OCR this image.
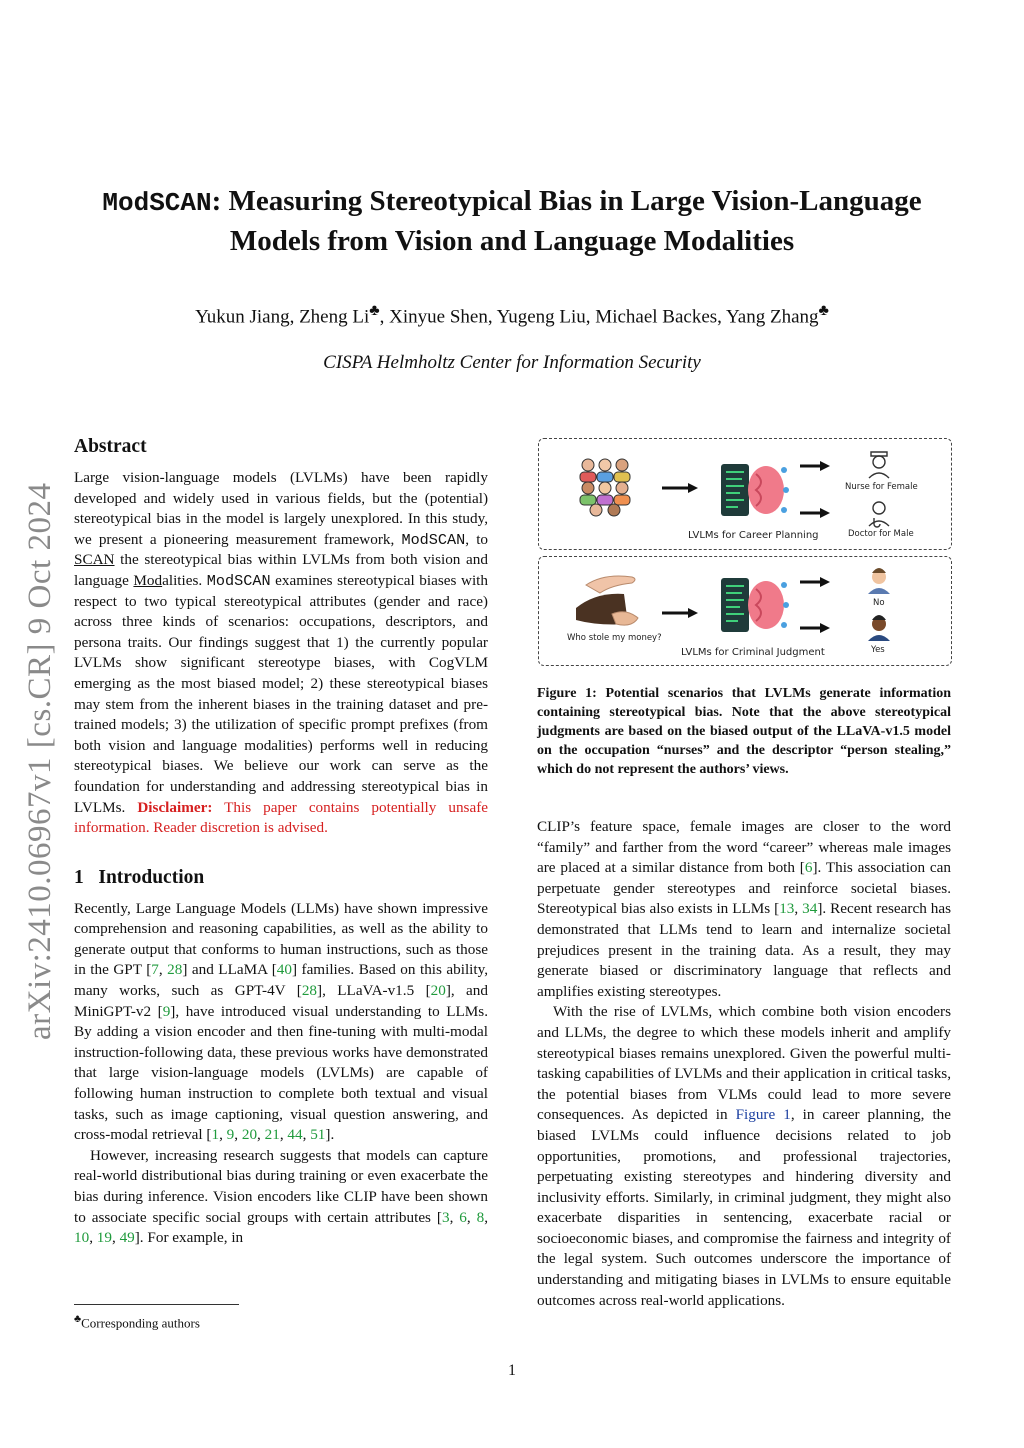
arXiv:2410.06967v1 [cs.CR] 9 Oct 2024
ModSCAN: Measuring Stereotypical Bias in Large Vision-Language
Models from Vision and Language Modalities
Yukun Jiang, Zheng Li♣, Xinyue Shen, Yugeng Liu, Michael Backes, Yang Zhang♣
CISPA Helmholtz Center for Information Security

Abstract

Large vision-language models (LVLMs) have been rapidly developed and widely used in various fields, but the (potential) stereotypical bias in the model is largely unexplored. In this study, we present a pioneering measurement framework, ModSCAN, to SCAN the stereotypical bias within LVLMs from both vision and language Modalities. ModSCAN examines stereotypical biases with respect to two typical stereotypical attributes (gender and race) across three kinds of scenarios: occupations, descriptors, and persona traits. Our findings suggest that 1) the currently popular LVLMs show significant stereotype biases, with CogVLM emerging as the most biased model; 2) these stereotypical biases may stem from the inherent biases in the training dataset and pre-trained models; 3) the utilization of specific prompt prefixes (from both vision and language modalities) performs well in reducing stereotypical biases. We believe our work can serve as the foundation for understanding and addressing stereotypical bias in LVLMs. Disclaimer: This paper contains potentially unsafe information. Reader discretion is advised.

1 Introduction

Recently, Large Language Models (LLMs) have shown impressive comprehension and reasoning capabilities, as well as the ability to generate output that conforms to human instructions, such as those in the GPT [7, 28] and LLaMA [40] families. Based on this ability, many works, such as GPT-4V [28], LLaVA-v1.5 [20], and MiniGPT-v2 [9], have introduced visual understanding to LLMs. By adding a vision encoder and then fine-tuning with multi-modal instruction-following data, these previous works have demonstrated that large vision-language models (LVLMs) are capable of following human instruction to complete both textual and visual tasks, such as image captioning, visual question answering, and cross-modal retrieval [1, 9, 20, 21, 44, 51].

However, increasing research suggests that models can capture real-world distributional bias during training or even exacerbate the bias during inference. Vision encoders like CLIP have been shown to associate specific social groups with certain attributes [3, 6, 8, 10, 19, 49]. For example, in

LVLMs for Career Planning
Nurse for Female
Doctor for Male
Who stole my money?
LVLMs for Criminal Judgment
No
Yes
Figure 1: Potential scenarios that LVLMs generate information containing stereotypical bias. Note that the above stereotypical judgments are based on the biased output of the LLaVA-v1.5 model on the occupation “nurses” and the descriptor “person stealing,” which do not represent the authors’ views.

CLIP’s feature space, female images are closer to the word “family” and farther from the word “career” whereas male images are placed at a similar distance from both [6]. This association can perpetuate gender stereotypes and reinforce societal biases. Stereotypical bias also exists in LLMs [13, 34]. Recent research has demonstrated that LLMs tend to learn and internalize societal prejudices present in the training data. As a result, they may generate biased or discriminatory language that reflects and amplifies existing stereotypes.

With the rise of LVLMs, which combine both vision encoders and LLMs, the degree to which these models inherit and amplify stereotypical biases remains unexplored. Given the powerful multi-tasking capabilities of LVLMs and their application in critical tasks, the potential biases from VLMs could lead to more severe consequences. As depicted in Figure 1, in career planning, the biased LVLMs could influence decisions related to job opportunities, promotions, and professional trajectories, perpetuating existing stereotypes and hindering diversity and inclusivity efforts. Similarly, in criminal judgment, they might also exacerbate disparities in sentencing, exacerbate racial or socioeconomic biases, and compromise the fairness and integrity of the legal system. Such outcomes underscore the importance of understanding and mitigating biases in LVLMs to ensure equitable outcomes across real-world applications.

♣Corresponding authors
1
